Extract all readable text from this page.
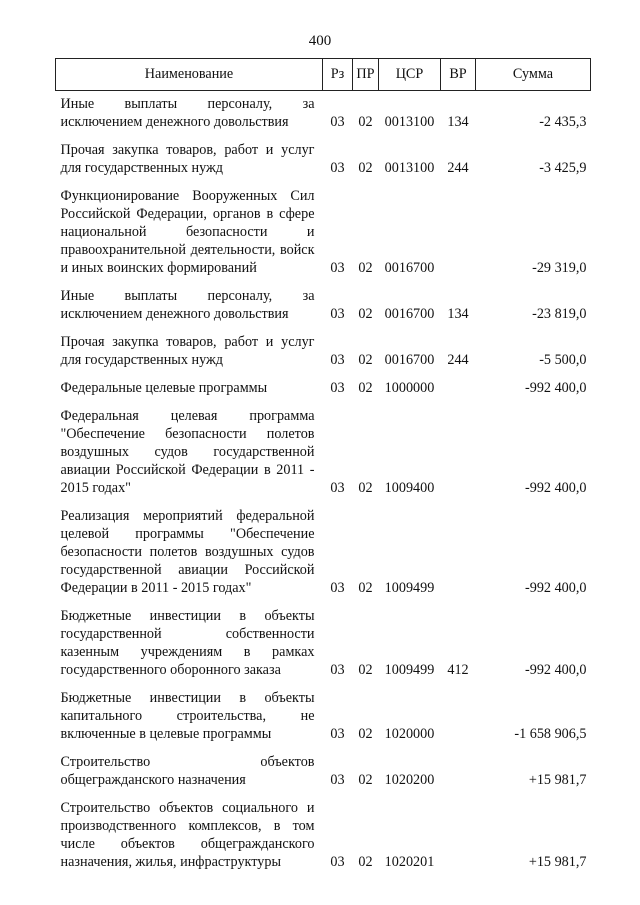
400
Наименование	Рз	ПР	ЦСР	ВР	Сумма
Иные выплаты персоналу, за исключением денежного довольствия	03	02	0013100	134	-2 435,3
Прочая закупка товаров, работ и услуг для государственных нужд	03	02	0013100	244	-3 425,9
Функционирование Вооруженных Сил Российской Федерации, органов в сфере национальной безопасности и правоохранительной деятельности, войск и иных воинских формирований	03	02	0016700		-29 319,0
Иные выплаты персоналу, за исключением денежного довольствия	03	02	0016700	134	-23 819,0
Прочая закупка товаров, работ и услуг для государственных нужд	03	02	0016700	244	-5 500,0
Федеральные целевые программы	03	02	1000000		-992 400,0
Федеральная целевая программа "Обеспечение безопасности полетов воздушных судов государственной авиации Российской Федерации в 2011 - 2015 годах"	03	02	1009400		-992 400,0
Реализация мероприятий федеральной целевой программы "Обеспечение безопасности полетов воздушных судов государственной авиации Российской Федерации в 2011 - 2015 годах"	03	02	1009499		-992 400,0
Бюджетные инвестиции в объекты государственной собственности казенным учреждениям в рамках государственного оборонного заказа	03	02	1009499	412	-992 400,0
Бюджетные инвестиции в объекты капитального строительства, не включенные в целевые программы	03	02	1020000		-1 658 906,5
Строительство объектов общегражданского назначения	03	02	1020200		+15 981,7
Строительство объектов социального и производственного комплексов, в том числе объектов общегражданского назначения, жилья, инфраструктуры	03	02	1020201		+15 981,7
